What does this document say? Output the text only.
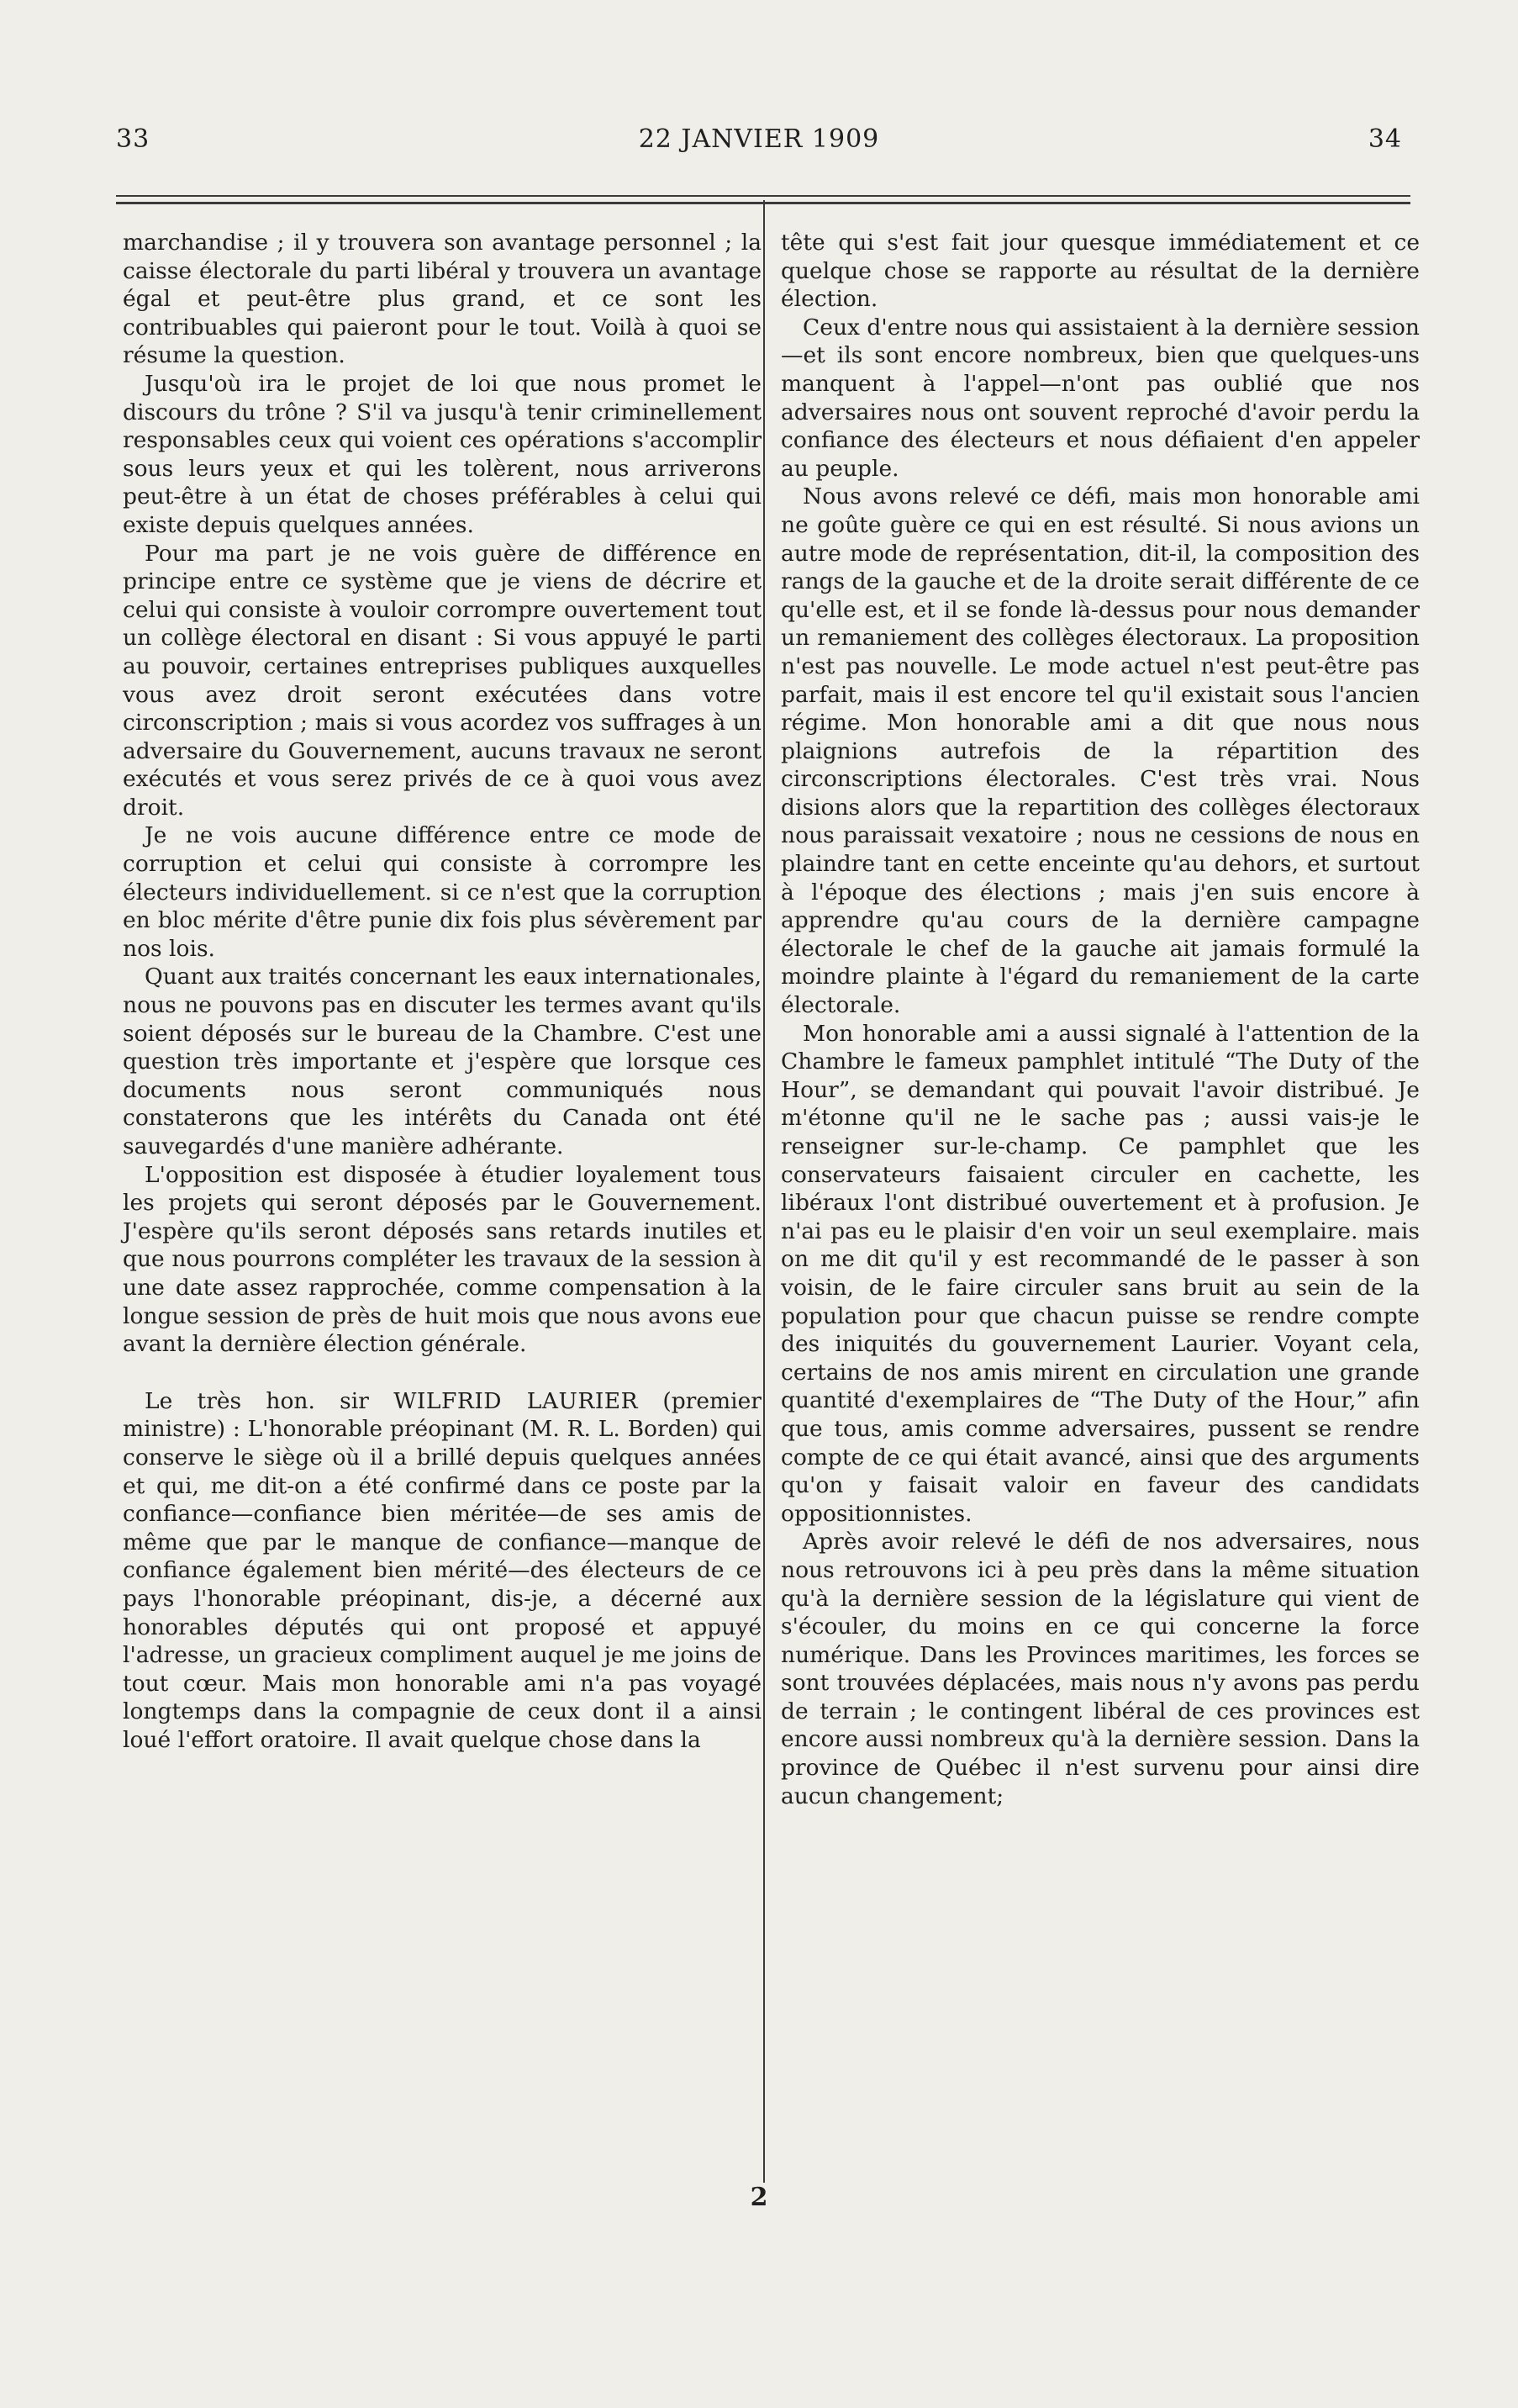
33	22 JANVIER 1909	34

marchandise ; il y trouvera son avantage personnel ; la caisse électorale du parti libéral y trouvera un avantage égal et peut-être plus grand, et ce sont les contribuables qui paieront pour le tout. Voilà à quoi se résume la question.

Jusqu'où ira le projet de loi que nous promet le discours du trône ? S'il va jusqu'à tenir criminellement responsables ceux qui voient ces opérations s'accomplir sous leurs yeux et qui les tolèrent, nous arriverons peut-être à un état de choses préférables à celui qui existe depuis quelques années.

Pour ma part je ne vois guère de différence en principe entre ce système que je viens de décrire et celui qui consiste à vouloir corrompre ouvertement tout un collège électoral en disant : Si vous appuyé le parti au pouvoir, certaines entreprises publiques auxquelles vous avez droit seront exécutées dans votre circonscription ; mais si vous acordez vos suffrages à un adversaire du Gouvernement, aucuns travaux ne seront exécutés et vous serez privés de ce à quoi vous avez droit.

Je ne vois aucune différence entre ce mode de corruption et celui qui consiste à corrompre les électeurs individuellement. si ce n'est que la corruption en bloc mérite d'être punie dix fois plus sévèrement par nos lois.

Quant aux traités concernant les eaux internationales, nous ne pouvons pas en discuter les termes avant qu'ils soient déposés sur le bureau de la Chambre. C'est une question très importante et j'espère que lorsque ces documents nous seront communiqués nous constaterons que les intérêts du Canada ont été sauvegardés d'une manière adhérante.

L'opposition est disposée à étudier loyalement tous les projets qui seront déposés par le Gouvernement. J'espère qu'ils seront déposés sans retards inutiles et que nous pourrons compléter les travaux de la session à une date assez rapprochée, comme compensation à la longue session de près de huit mois que nous avons eue avant la dernière élection générale.

Le très hon. sir WILFRID LAURIER (premier ministre) : L'honorable préopinant (M. R. L. Borden) qui conserve le siège où il a brillé depuis quelques années et qui, me dit-on a été confirmé dans ce poste par la confiance—confiance bien méritée—de ses amis de même que par le manque de confiance—manque de confiance également bien mérité—des électeurs de ce pays l'honorable préopinant, dis-je, a décerné aux honorables députés qui ont proposé et appuyé l'adresse, un gracieux compliment auquel je me joins de tout cœur. Mais mon honorable ami n'a pas voyagé longtemps dans la compagnie de ceux dont il a ainsi loué l'effort oratoire. Il avait quelque chose dans la

tête qui s'est fait jour quesque immédiatement et ce quelque chose se rapporte au résultat de la dernière élection.

Ceux d'entre nous qui assistaient à la dernière session—et ils sont encore nombreux, bien que quelques-uns manquent à l'appel—n'ont pas oublié que nos adversaires nous ont souvent reproché d'avoir perdu la confiance des électeurs et nous défiaient d'en appeler au peuple.

Nous avons relevé ce défi, mais mon honorable ami ne goûte guère ce qui en est résulté. Si nous avions un autre mode de représentation, dit-il, la composition des rangs de la gauche et de la droite serait différente de ce qu'elle est, et il se fonde là-dessus pour nous demander un remaniement des collèges électoraux. La proposition n'est pas nouvelle. Le mode actuel n'est peut-être pas parfait, mais il est encore tel qu'il existait sous l'ancien régime. Mon honorable ami a dit que nous nous plaignions autrefois de la répartition des circonscriptions électorales. C'est très vrai. Nous disions alors que la repartition des collèges électoraux nous paraissait vexatoire ; nous ne cessions de nous en plaindre tant en cette enceinte qu'au dehors, et surtout à l'époque des élections ; mais j'en suis encore à apprendre qu'au cours de la dernière campagne électorale le chef de la gauche ait jamais formulé la moindre plainte à l'égard du remaniement de la carte électorale.

Mon honorable ami a aussi signalé à l'attention de la Chambre le fameux pamphlet intitulé “The Duty of the Hour”, se demandant qui pouvait l'avoir distribué. Je m'étonne qu'il ne le sache pas ; aussi vais-je le renseigner sur-le-champ. Ce pamphlet que les conservateurs faisaient circuler en cachette, les libéraux l'ont distribué ouvertement et à profusion. Je n'ai pas eu le plaisir d'en voir un seul exemplaire. mais on me dit qu'il y est recommandé de le passer à son voisin, de le faire circuler sans bruit au sein de la population pour que chacun puisse se rendre compte des iniquités du gouvernement Laurier. Voyant cela, certains de nos amis mirent en circulation une grande quantité d'exemplaires de “The Duty of the Hour,” afin que tous, amis comme adversaires, pussent se rendre compte de ce qui était avancé, ainsi que des arguments qu'on y faisait valoir en faveur des candidats oppositionnistes.

Après avoir relevé le défi de nos adversaires, nous nous retrouvons ici à peu près dans la même situation qu'à la dernière session de la législature qui vient de s'écouler, du moins en ce qui concerne la force numérique. Dans les Provinces maritimes, les forces se sont trouvées déplacées, mais nous n'y avons pas perdu de terrain ; le contingent libéral de ces provinces est encore aussi nombreux qu'à la dernière session. Dans la province de Québec il n'est survenu pour ainsi dire aucun changement;

2
